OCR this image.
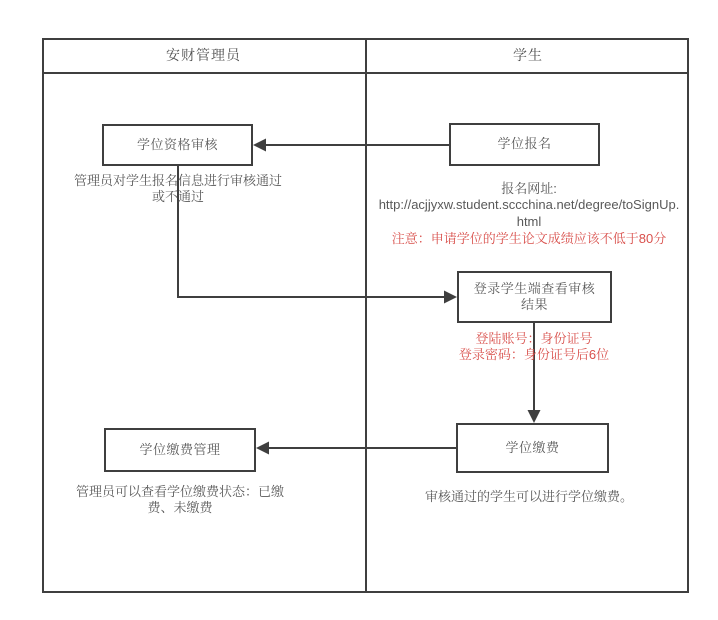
安财管理员	学生
学位资格审核	学位报名
登录学生端查看审核结果
学位缴费管理	学位缴费
管理员对学生报名信息进行审核通过或不通过
报名网址:
http://acjjyxw.student.sccchina.net/degree/toSignUp.html
注意：申请学位的学生论文成绩应该不低于80分
登陆账号：身份证号
登录密码：身份证号后6位
管理员可以查看学位缴费状态：已缴费、未缴费
审核通过的学生可以进行学位缴费。
